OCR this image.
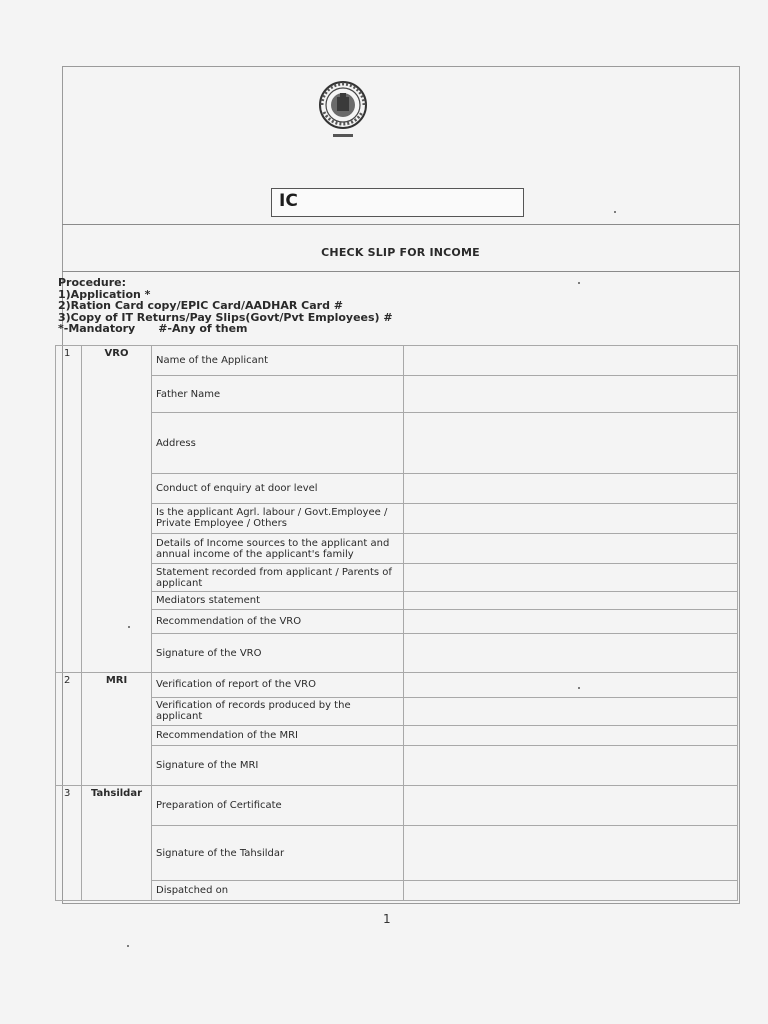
IC
CHECK SLIP FOR INCOME
Procedure:
1)Application *
2)Ration Card copy/EPIC Card/AADHAR Card #
3)Copy of IT Returns/Pay Slips(Govt/Pvt Employees) #
*-Mandatory      #-Any of them
1	VRO	Name of the Applicant	
		Father Name	
		Address	
		Conduct of enquiry at door level	
		Is the applicant Agrl. labour / Govt.Employee / Private Employee / Others	
		Details of Income sources to the applicant and annual income of the applicant's family	
		Statement recorded from applicant / Parents of applicant	
		Mediators statement	
		Recommendation of the VRO	
		Signature of the VRO	
2	MRI	Verification of report of the VRO	
		Verification of records produced by the applicant	
		Recommendation of the MRI	
		Signature of the MRI	
3	Tahsildar	Preparation of Certificate	
		Signature of the Tahsildar	
		Dispatched on	
1
